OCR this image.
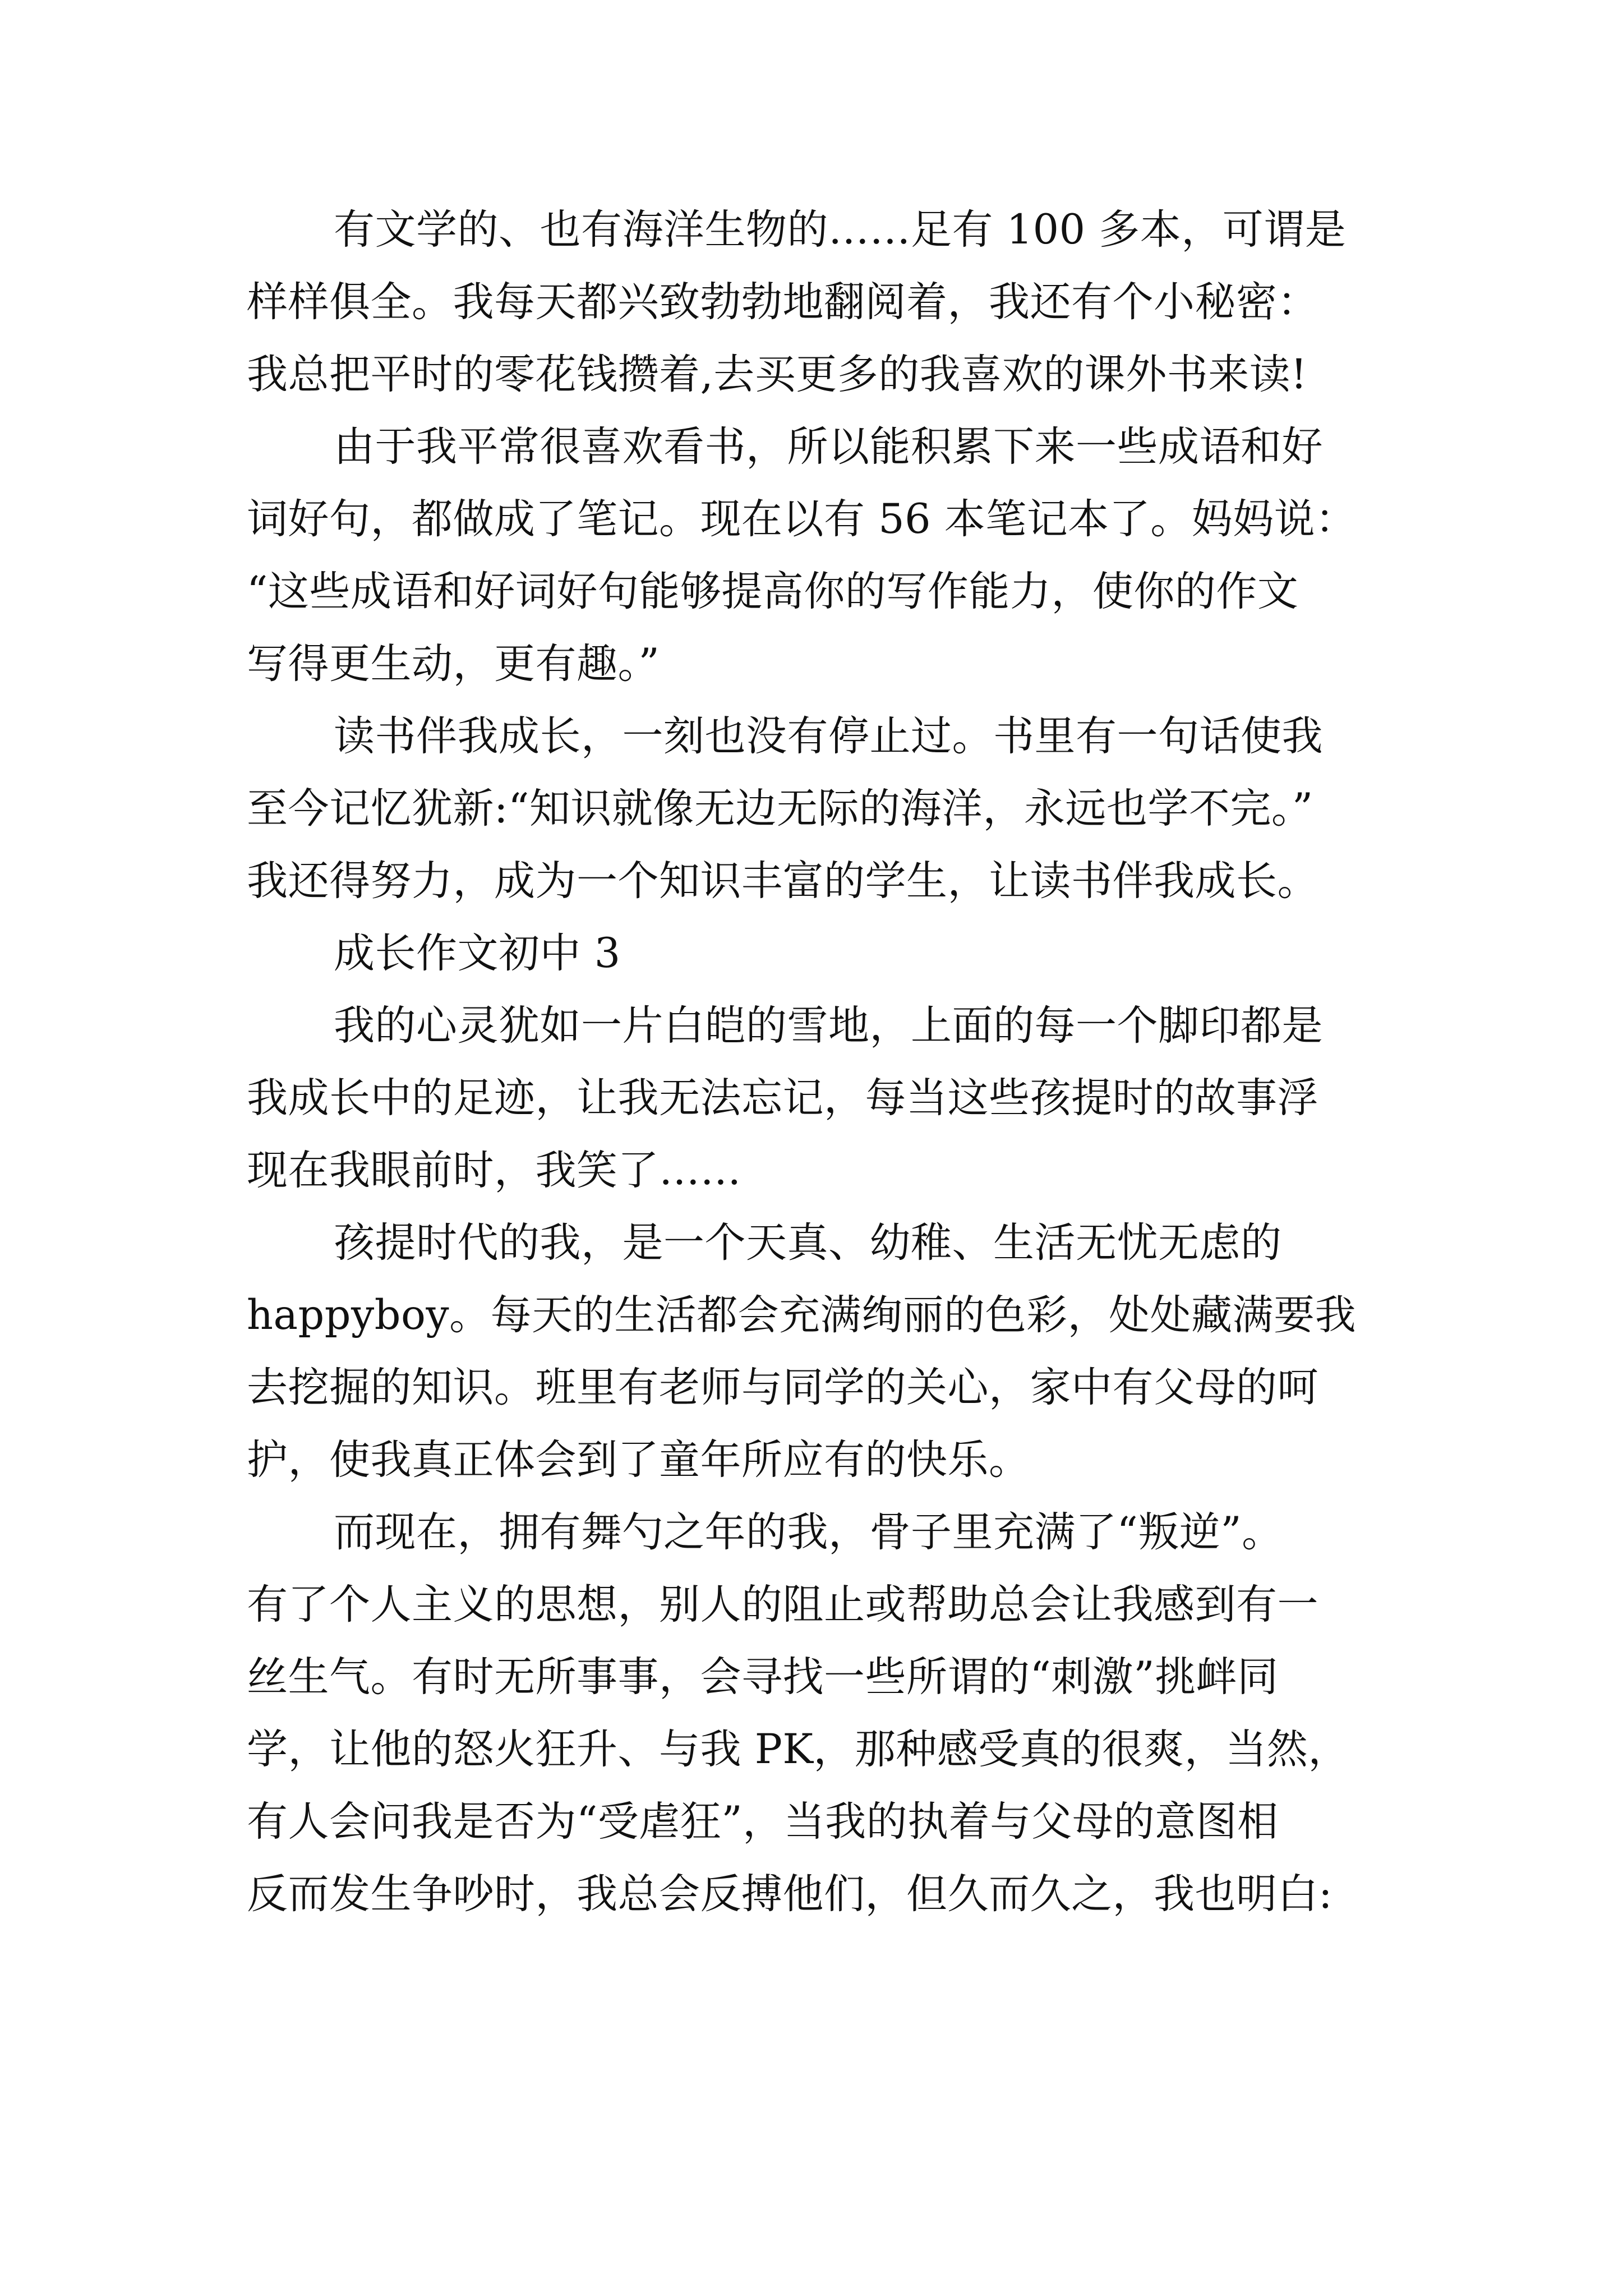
有文学的、也有海洋生物的……足有 100 多本，可谓是
样样俱全。我每天都兴致勃勃地翻阅着，我还有个小秘密：
我总把平时的零花钱攒着,去买更多的我喜欢的课外书来读!
由于我平常很喜欢看书，所以能积累下来一些成语和好
词好句，都做成了笔记。现在以有 56 本笔记本了。妈妈说：
“这些成语和好词好句能够提高你的写作能力，使你的作文
写得更生动，更有趣。”
读书伴我成长，一刻也没有停止过。书里有一句话使我
至今记忆犹新:“知识就像无边无际的海洋，永远也学不完。”
我还得努力，成为一个知识丰富的学生，让读书伴我成长。
成长作文初中 3
我的心灵犹如一片白皑的雪地，上面的每一个脚印都是
我成长中的足迹，让我无法忘记，每当这些孩提时的故事浮
现在我眼前时，我笑了……
孩提时代的我，是一个天真、幼稚、生活无忧无虑的
happyboy。每天的生活都会充满绚丽的色彩，处处藏满要我
去挖掘的知识。班里有老师与同学的关心，家中有父母的呵
护，使我真正体会到了童年所应有的快乐。
而现在，拥有舞勺之年的我，骨子里充满了“叛逆”。
有了个人主义的思想，别人的阻止或帮助总会让我感到有一
丝生气。有时无所事事，会寻找一些所谓的“刺激”挑衅同
学，让他的怒火狂升、与我 PK，那种感受真的很爽，当然，
有人会问我是否为“受虐狂”，当我的执着与父母的意图相
反而发生争吵时，我总会反搏他们，但久而久之，我也明白:
